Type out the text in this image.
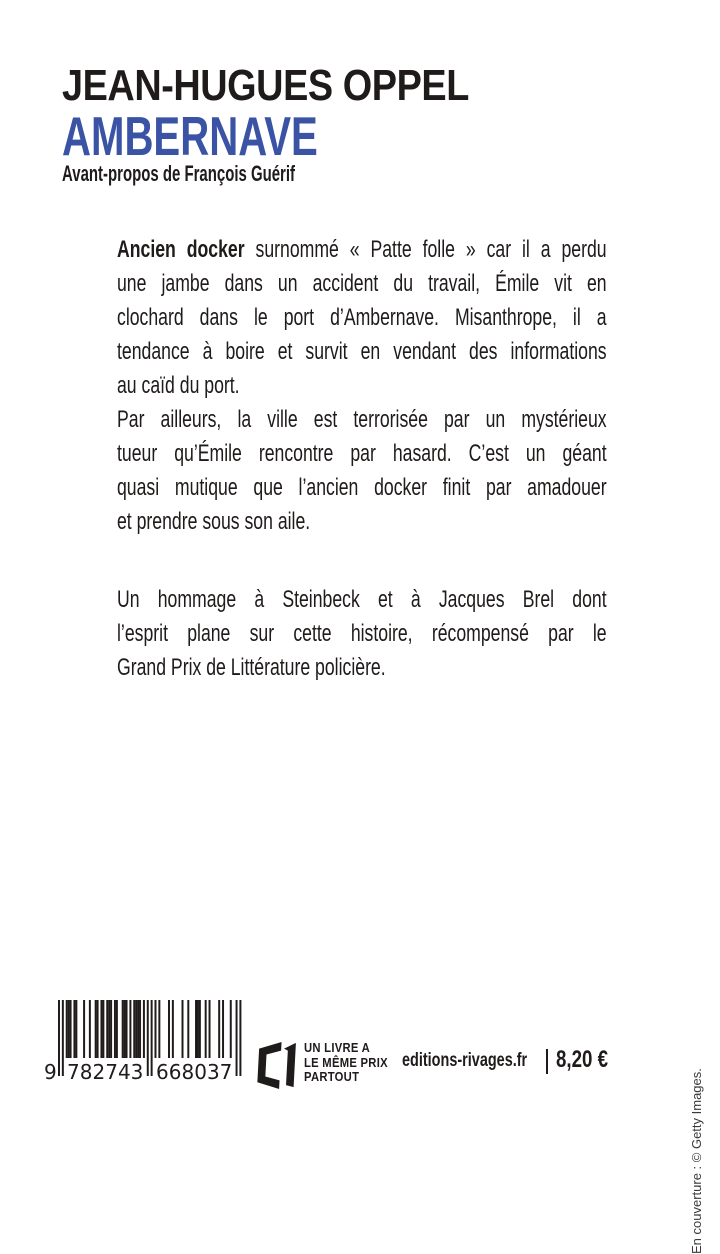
JEAN-HUGUES OPPEL
AMBERNAVE
Avant-propos de François Guérif
Ancien docker surnommé « Patte folle » car il a perdu
une jambe dans un accident du travail, Émile vit en
clochard dans le port d’Ambernave. Misanthrope, il a
tendance à boire et survit en vendant des informations
au caïd du port.
Par ailleurs, la ville est terrorisée par un mystérieux
tueur qu’Émile rencontre par hasard. C’est un géant
quasi mutique que l’ancien docker finit par amadouer
et prendre sous son aile.
Un hommage à Steinbeck et à Jacques Brel dont
l’esprit plane sur cette histoire, récompensé par le
Grand Prix de Littérature policière.
9 7 8 2 7 4 3 6 6 8 0 3 7
UN LIVRE A
LE MÊME PRIX
PARTOUT
editions-rivages.fr 8,20 €
En couverture : © Getty Images.
